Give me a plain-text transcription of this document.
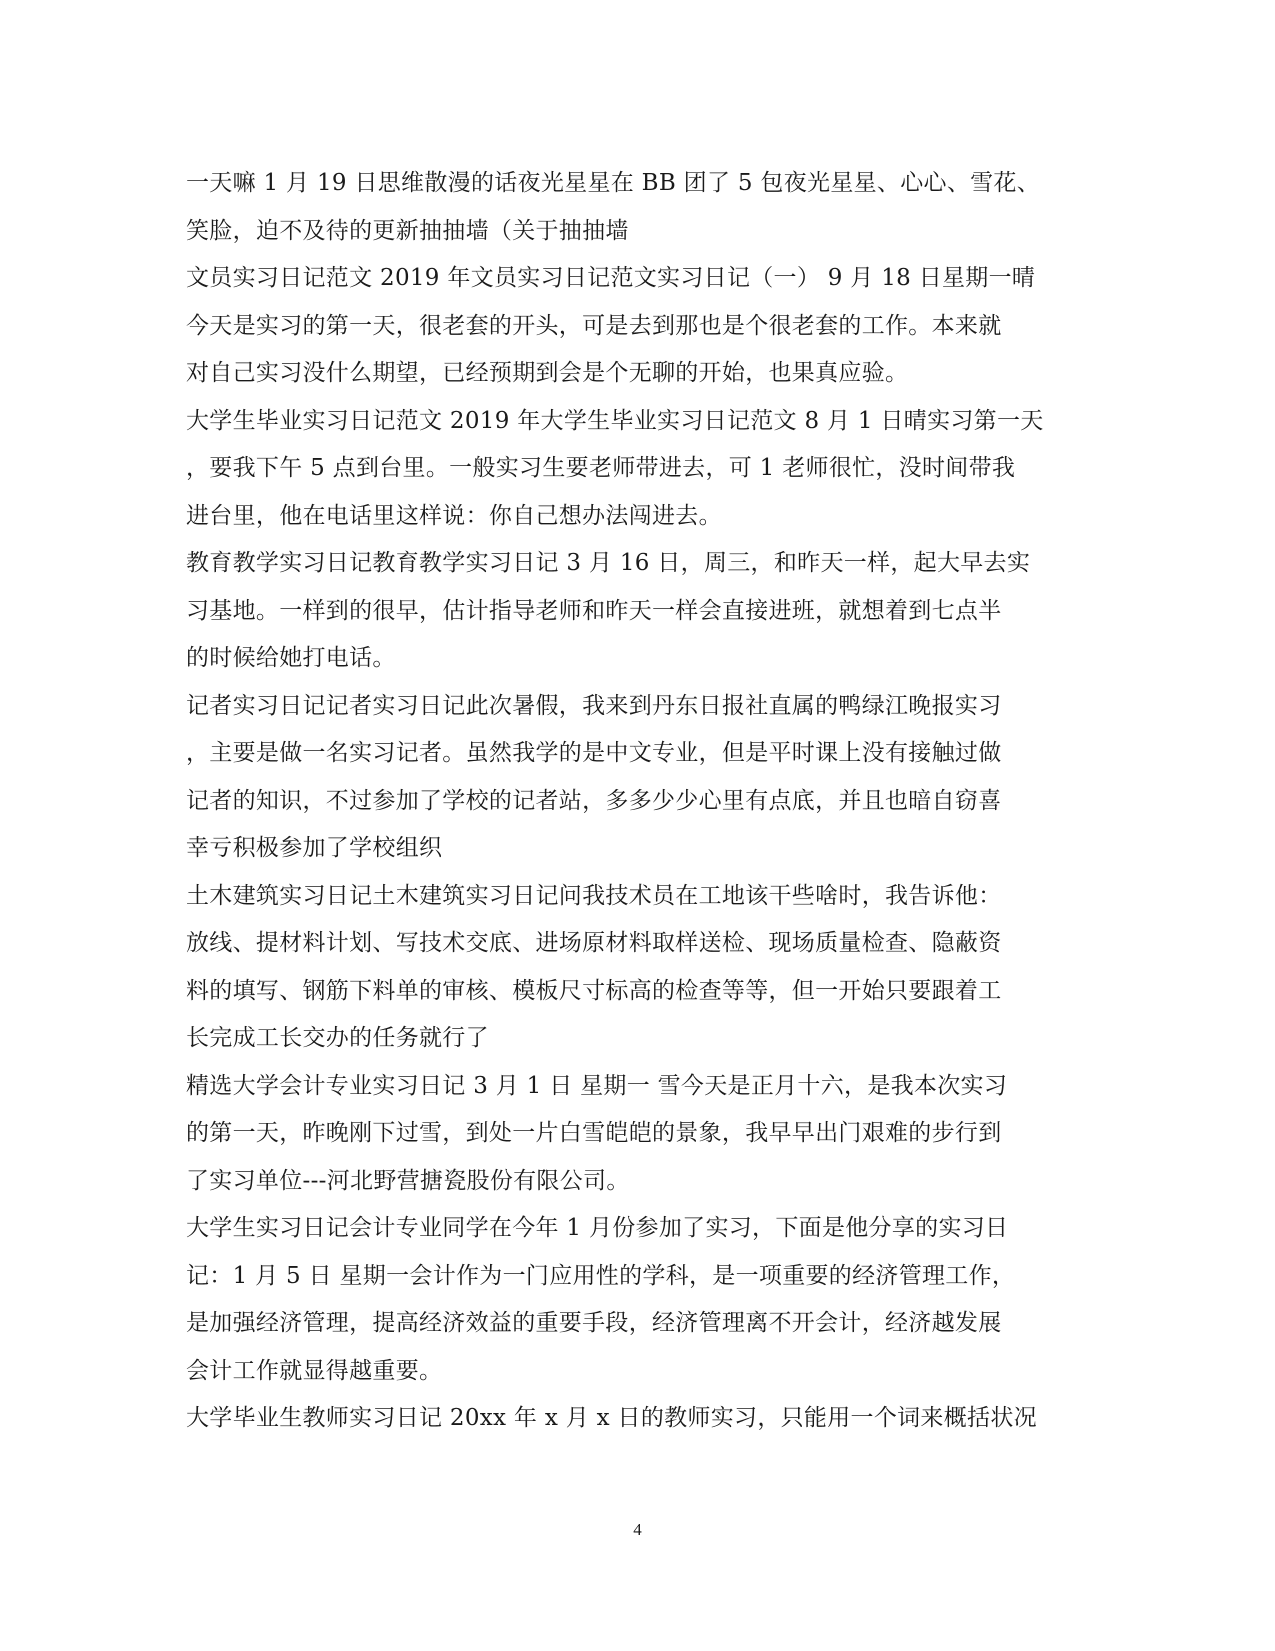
一天嘛 1 月 19 日思维散漫的话夜光星星在 BB 团了 5 包夜光星星、心心、雪花、
笑脸，迫不及待的更新抽抽墙（关于抽抽墙
文员实习日记范文 2019 年文员实习日记范文实习日记（一） 9 月 18 日星期一晴
今天是实习的第一天，很老套的开头，可是去到那也是个很老套的工作。本来就
对自己实习没什么期望，已经预期到会是个无聊的开始，也果真应验。
大学生毕业实习日记范文 2019 年大学生毕业实习日记范文 8 月 1 日晴实习第一天
，要我下午 5 点到台里。一般实习生要老师带进去，可 1 老师很忙，没时间带我
进台里，他在电话里这样说：你自己想办法闯进去。
教育教学实习日记教育教学实习日记 3 月 16 日，周三，和昨天一样，起大早去实
习基地。一样到的很早，估计指导老师和昨天一样会直接进班，就想着到七点半
的时候给她打电话。
记者实习日记记者实习日记此次暑假，我来到丹东日报社直属的鸭绿江晚报实习
，主要是做一名实习记者。虽然我学的是中文专业，但是平时课上没有接触过做
记者的知识，不过参加了学校的记者站，多多少少心里有点底，并且也暗自窃喜
幸亏积极参加了学校组织
土木建筑实习日记土木建筑实习日记问我技术员在工地该干些啥时，我告诉他：
放线、提材料计划、写技术交底、进场原材料取样送检、现场质量检查、隐蔽资
料的填写、钢筋下料单的审核、模板尺寸标高的检查等等，但一开始只要跟着工
长完成工长交办的任务就行了
精选大学会计专业实习日记 3 月 1 日 星期一 雪今天是正月十六，是我本次实习
的第一天，昨晚刚下过雪，到处一片白雪皑皑的景象，我早早出门艰难的步行到
了实习单位---河北野营搪瓷股份有限公司。
大学生实习日记会计专业同学在今年 1 月份参加了实习，下面是他分享的实习日
记：1 月 5 日 星期一会计作为一门应用性的学科，是一项重要的经济管理工作，
是加强经济管理，提高经济效益的重要手段，经济管理离不开会计，经济越发展
会计工作就显得越重要。
大学毕业生教师实习日记 20xx 年 x 月 x 日的教师实习，只能用一个词来概括状况
4
